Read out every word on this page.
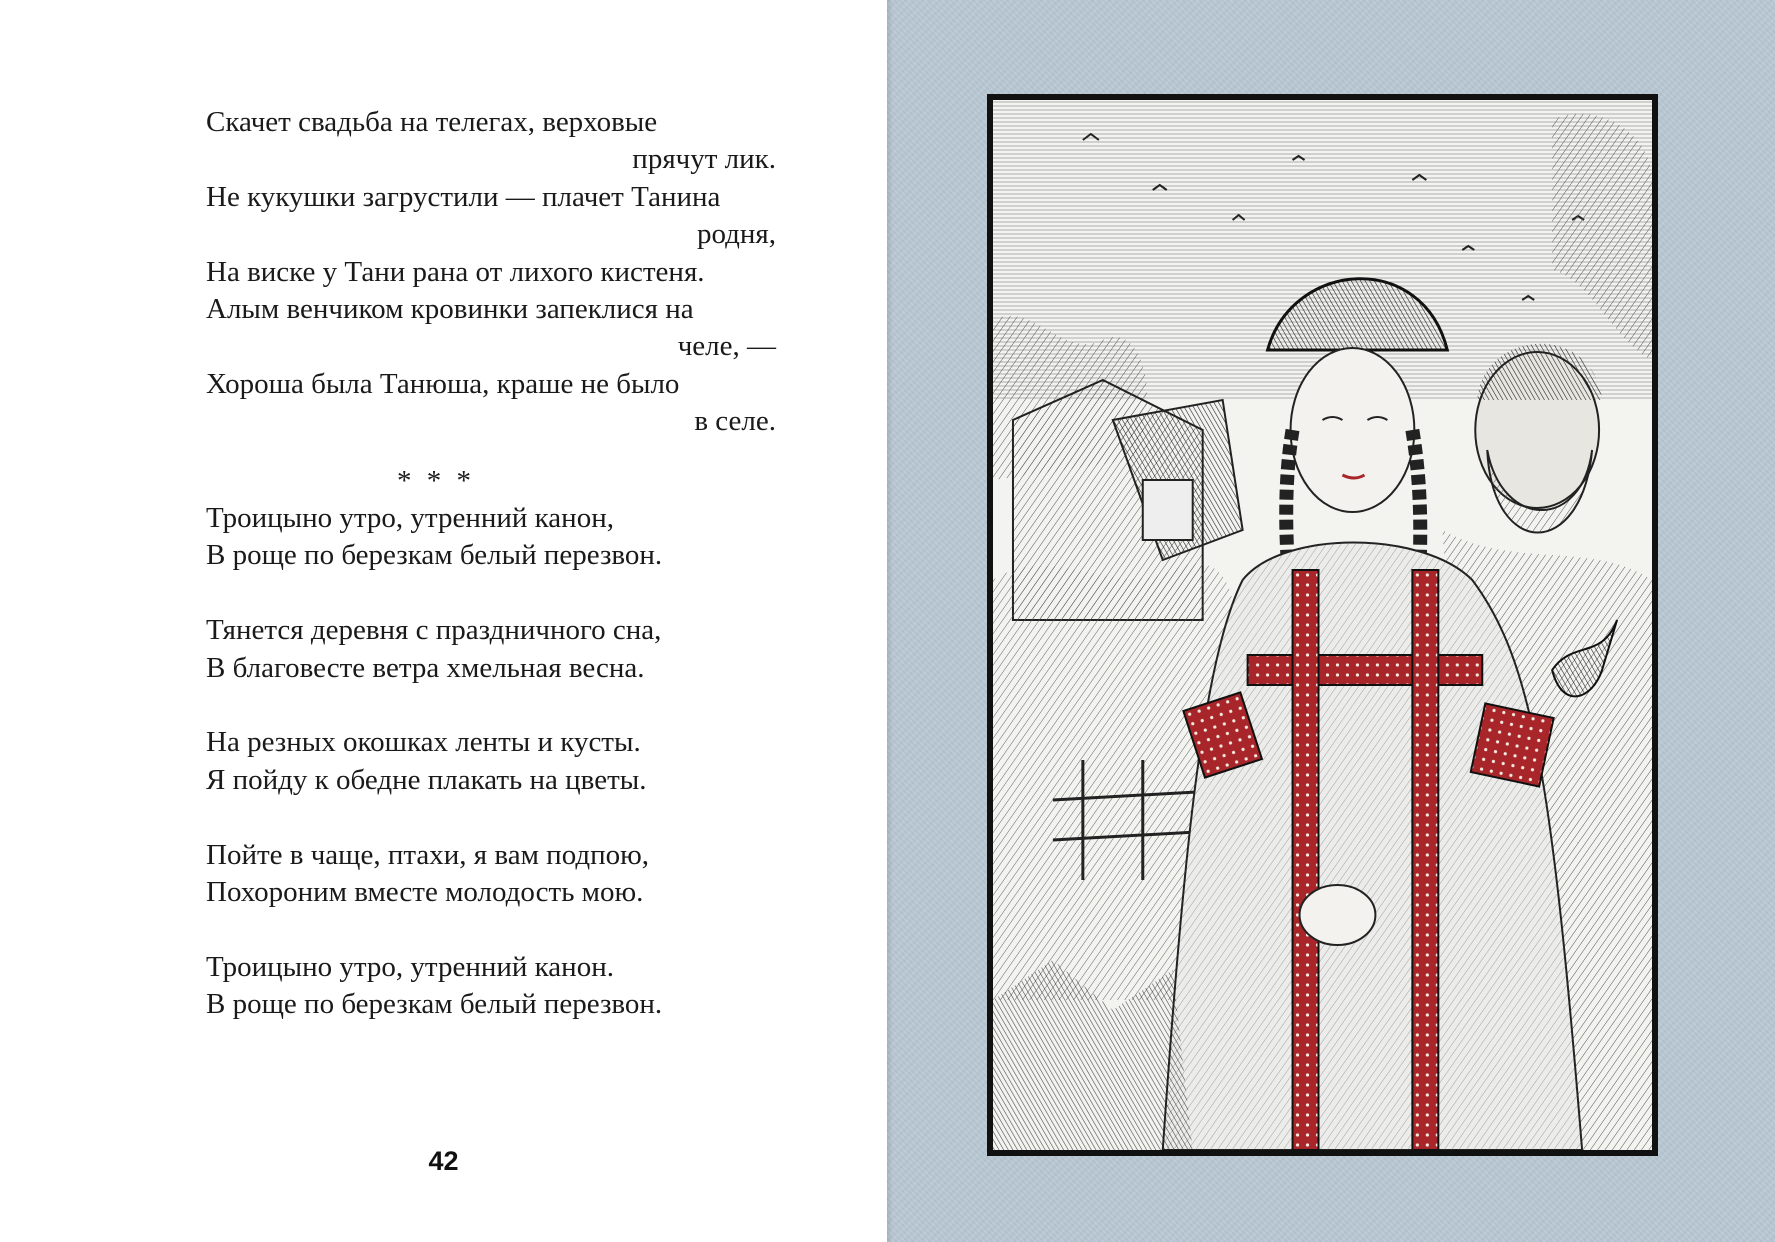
Скачет свадьба на телегах, верховые
прячут лик.
Не кукушки загрустили — плачет Танина
родня,
На виске у Тани рана от лихого кистеня.
Алым венчиком кровинки запеклися на
челе, —
Хороша была Танюша, краше не было
в селе.
* * *
Троицыно утро, утренний канон,
В роще по березкам белый перезвон.
Тянется деревня с праздничного сна,
В благовесте ветра хмельная весна.
На резных окошках ленты и кусты.
Я пойду к обедне плакать на цветы.
Пойте в чаще, птахи, я вам подпою,
Похороним вместе молодость мою.
Троицыно утро, утренний канон.
В роще по березкам белый перезвон.
42
